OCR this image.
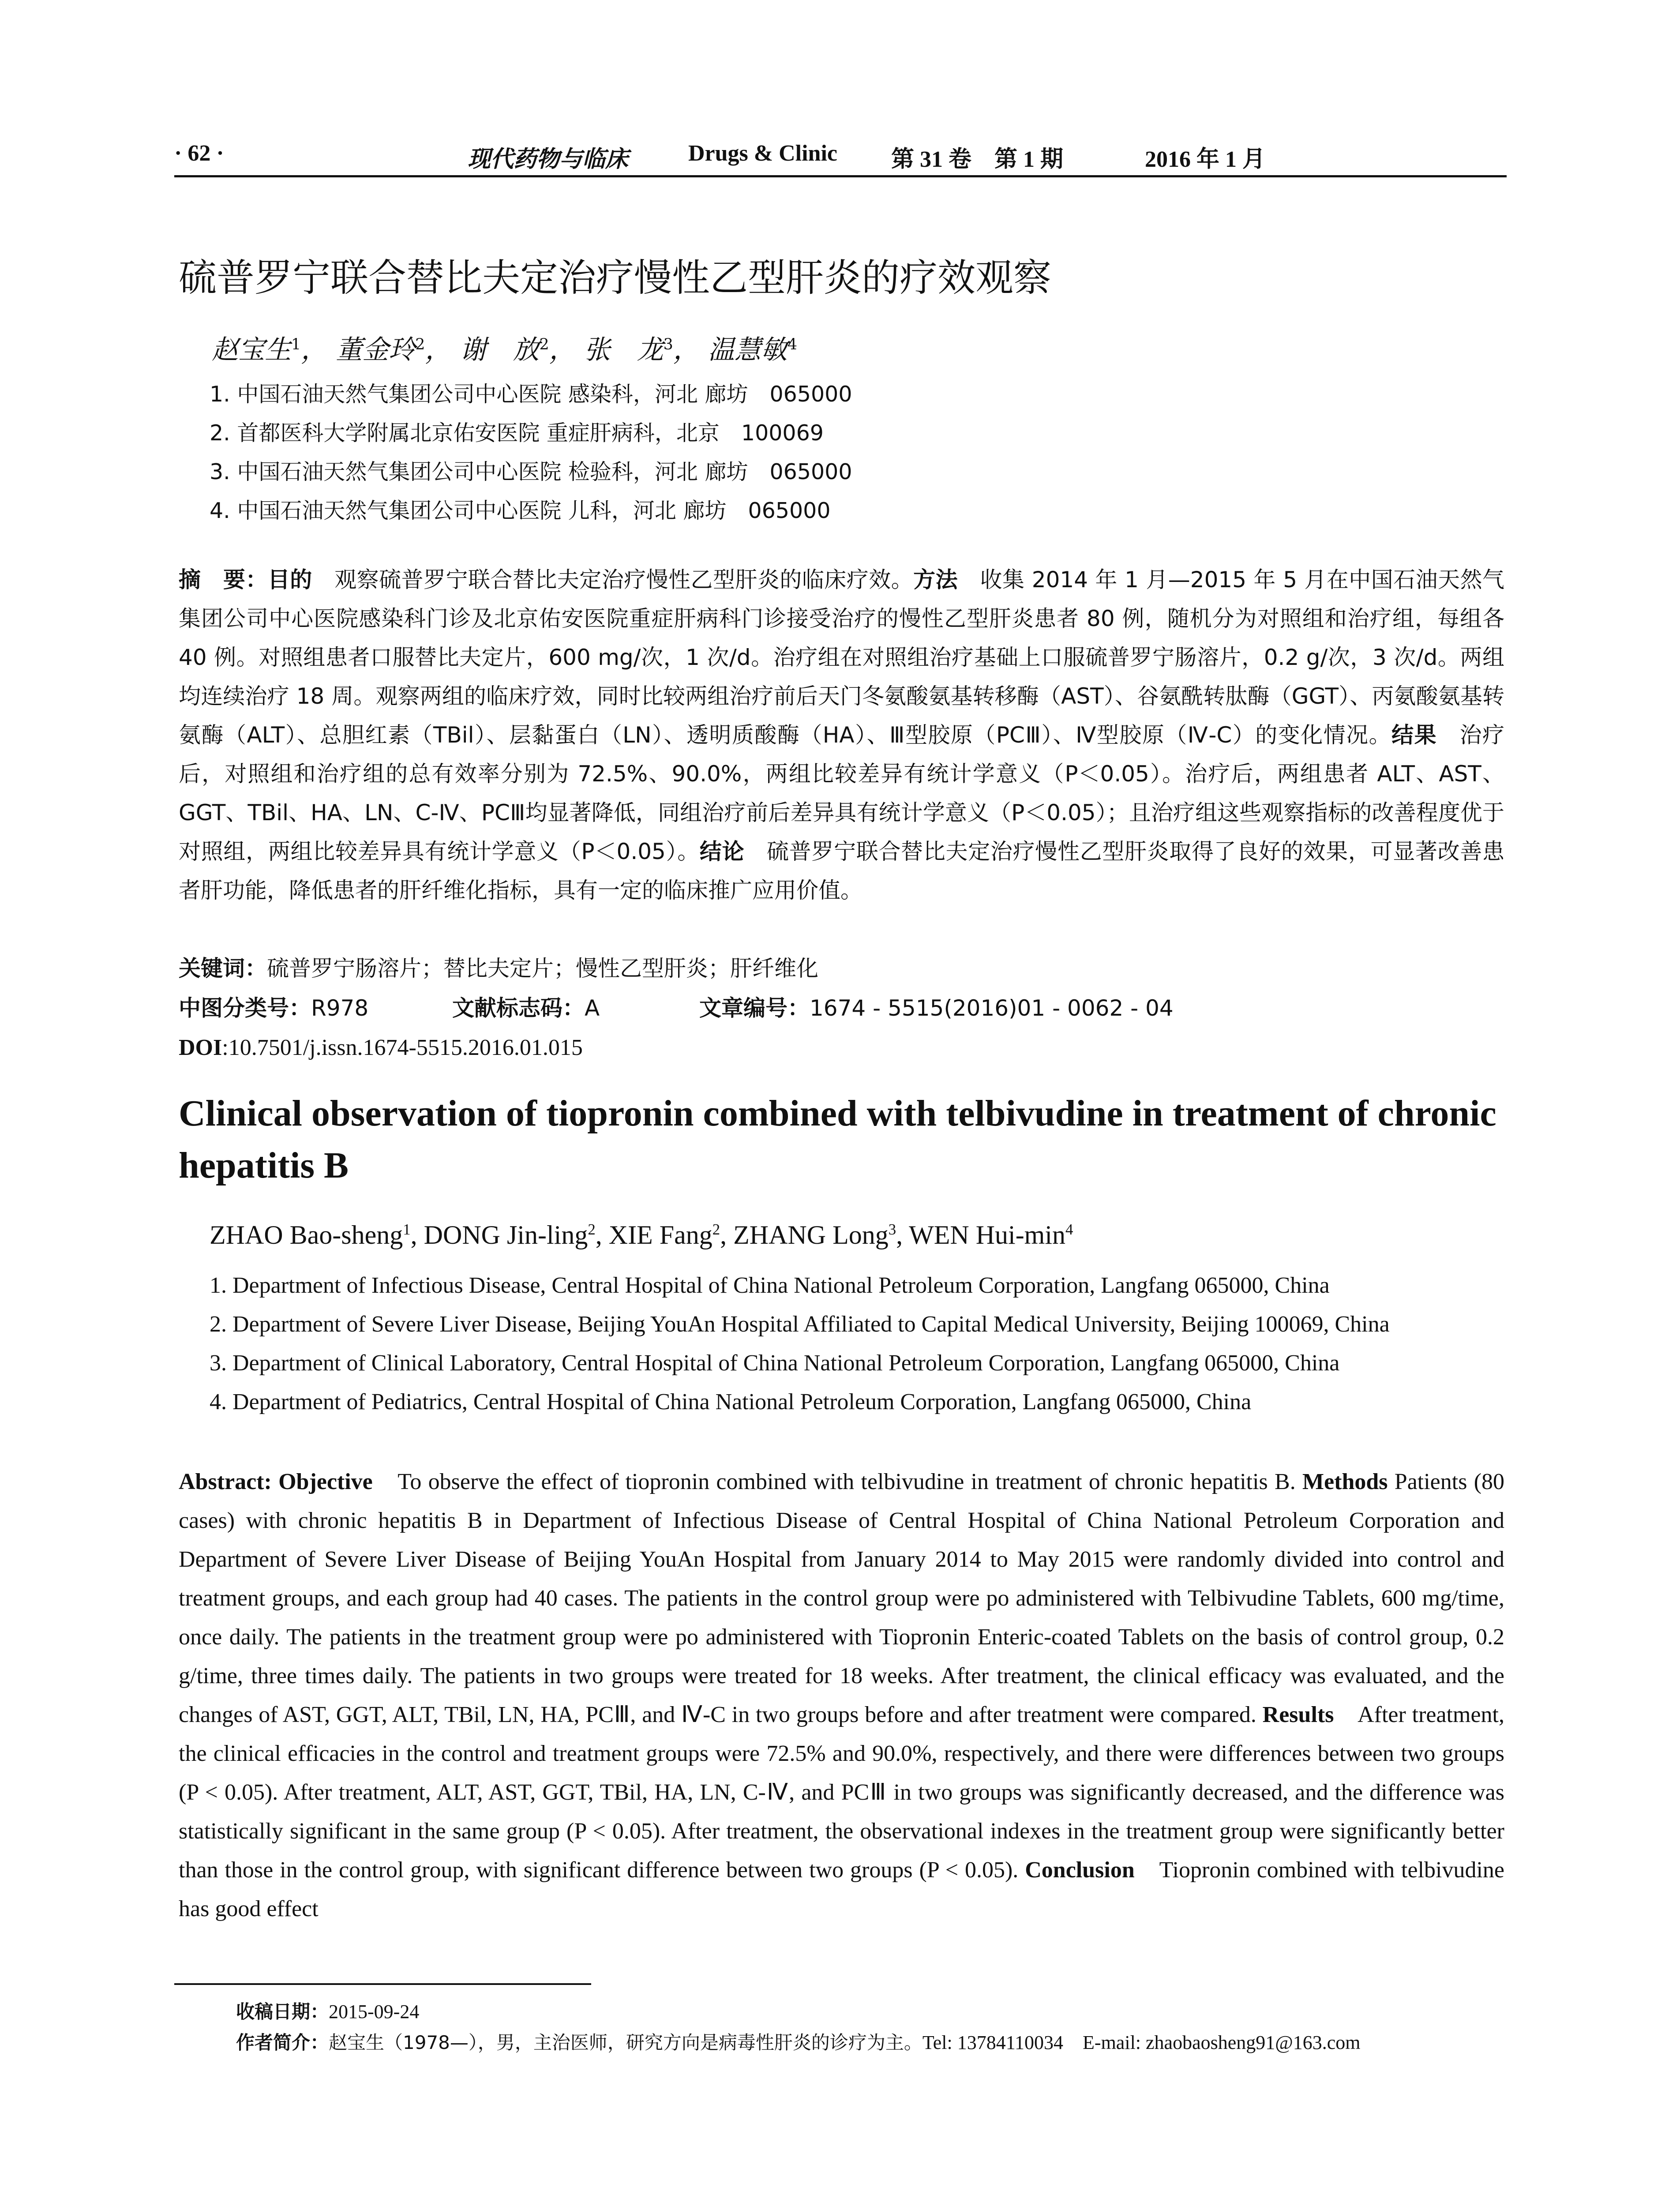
· 62 ·	现代药物与临床	Drugs & Clinic 第 31 卷　第 1 期	2016 年 1 月
硫普罗宁联合替比夫定治疗慢性乙型肝炎的疗效观察
赵宝生$^1$， 董金玲$^2$， 谢　放$^2$， 张　龙$^3$， 温慧敏$^4$
1. 中国石油天然气集团公司中心医院 感染科，河北 廊坊　065000
2. 首都医科大学附属北京佑安医院 重症肝病科，北京　100069
3. 中国石油天然气集团公司中心医院 检验科，河北 廊坊　065000
4. 中国石油天然气集团公司中心医院 儿科，河北 廊坊　065000
摘　要：目的　观察硫普罗宁联合替比夫定治疗慢性乙型肝炎的临床疗效。方法　收集 2014 年 1 月—2015 年 5 月在中国石油天然气集团公司中心医院感染科门诊及北京佑安医院重症肝病科门诊接受治疗的慢性乙型肝炎患者 80 例，随机分为对照组和治疗组，每组各 40 例。对照组患者口服替比夫定片，600 mg/次，1 次/d。治疗组在对照组治疗基础上口服硫普罗宁肠溶片，0.2 g/次，3 次/d。两组均连续治疗 18 周。观察两组的临床疗效，同时比较两组治疗前后天门冬氨酸氨基转移酶（AST）、谷氨酰转肽酶（GGT）、丙氨酸氨基转氨酶（ALT）、总胆红素（TBil）、层黏蛋白（LN）、透明质酸酶（HA）、Ⅲ型胶原（PCⅢ）、Ⅳ型胶原（Ⅳ-C）的变化情况。结果　治疗后，对照组和治疗组的总有效率分别为 72.5%、90.0%，两组比较差异有统计学意义（P＜0.05）。治疗后，两组患者 ALT、AST、GGT、TBil、HA、LN、C-Ⅳ、PCⅢ均显著降低，同组治疗前后差异具有统计学意义（P＜0.05）；且治疗组这些观察指标的改善程度优于对照组，两组比较差异具有统计学意义（P＜0.05）。结论　硫普罗宁联合替比夫定治疗慢性乙型肝炎取得了良好的效果，可显著改善患者肝功能，降低患者的肝纤维化指标，具有一定的临床推广应用价值。
关键词：硫普罗宁肠溶片；替比夫定片；慢性乙型肝炎；肝纤维化
中图分类号：R978	文献标志码：A	文章编号：1674 - 5515(2016)01 - 0062 - 04
DOI:10.7501/j.issn.1674-5515.2016.01.015
Clinical observation of tiopronin combined with telbivudine in treatment of chronic hepatitis B
ZHAO Bao-sheng$^1$, DONG Jin-ling$^2$, XIE Fang$^2$, ZHANG Long$^3$, WEN Hui-$\min^4$
1. Department of Infectious Disease, Central Hospital of China National Petroleum Corporation, Langfang 065000, China
2. Department of Severe Liver Disease, Beijing YouAn Hospital Affiliated to Capital Medical University, Beijing 100069, China
3. Department of Clinical Laboratory, Central Hospital of China National Petroleum Corporation, Langfang 065000, China
4. Department of Pediatrics, Central Hospital of China National Petroleum Corporation, Langfang 065000, China
Abstract: Objective　To observe the effect of tiopronin combined with telbivudine in treatment of chronic hepatitis B. Methods Patients (80 cases) with chronic hepatitis B in Department of Infectious Disease of Central Hospital of China National Petroleum Corporation and Department of Severe Liver Disease of Beijing YouAn Hospital from January 2014 to May 2015 were randomly divided into control and treatment groups, and each group had 40 cases. The patients in the control group were po administered with Telbivudine Tablets, 600 mg/time, once daily. The patients in the treatment group were po administered with Tiopronin Enteric-coated Tablets on the basis of control group, 0.2 g/time, three times daily. The patients in two groups were treated for 18 weeks. After treatment, the clinical efficacy was evaluated, and the changes of AST, GGT, ALT, TBil, LN, HA, PCⅢ, and Ⅳ-C in two groups before and after treatment were compared. Results　After treatment, the clinical efficacies in the control and treatment groups were 72.5% and 90.0%, respectively, and there were differences between two groups (P < 0.05). After treatment, ALT, AST, GGT, TBil, HA, LN, C-Ⅳ, and PCⅢ in two groups was significantly decreased, and the difference was statistically significant in the same group (P < 0.05). After treatment, the observational indexes in the treatment group were significantly better than those in the control group, with significant difference between two groups (P < 0.05). Conclusion　Tiopronin combined with telbivudine has good effect
收稿日期：2015-09-24
作者简介：赵宝生（1978—），男，主治医师，研究方向是病毒性肝炎的诊疗为主。Tel: 13784110034　E-mail: zhaobaosheng91@163.com
